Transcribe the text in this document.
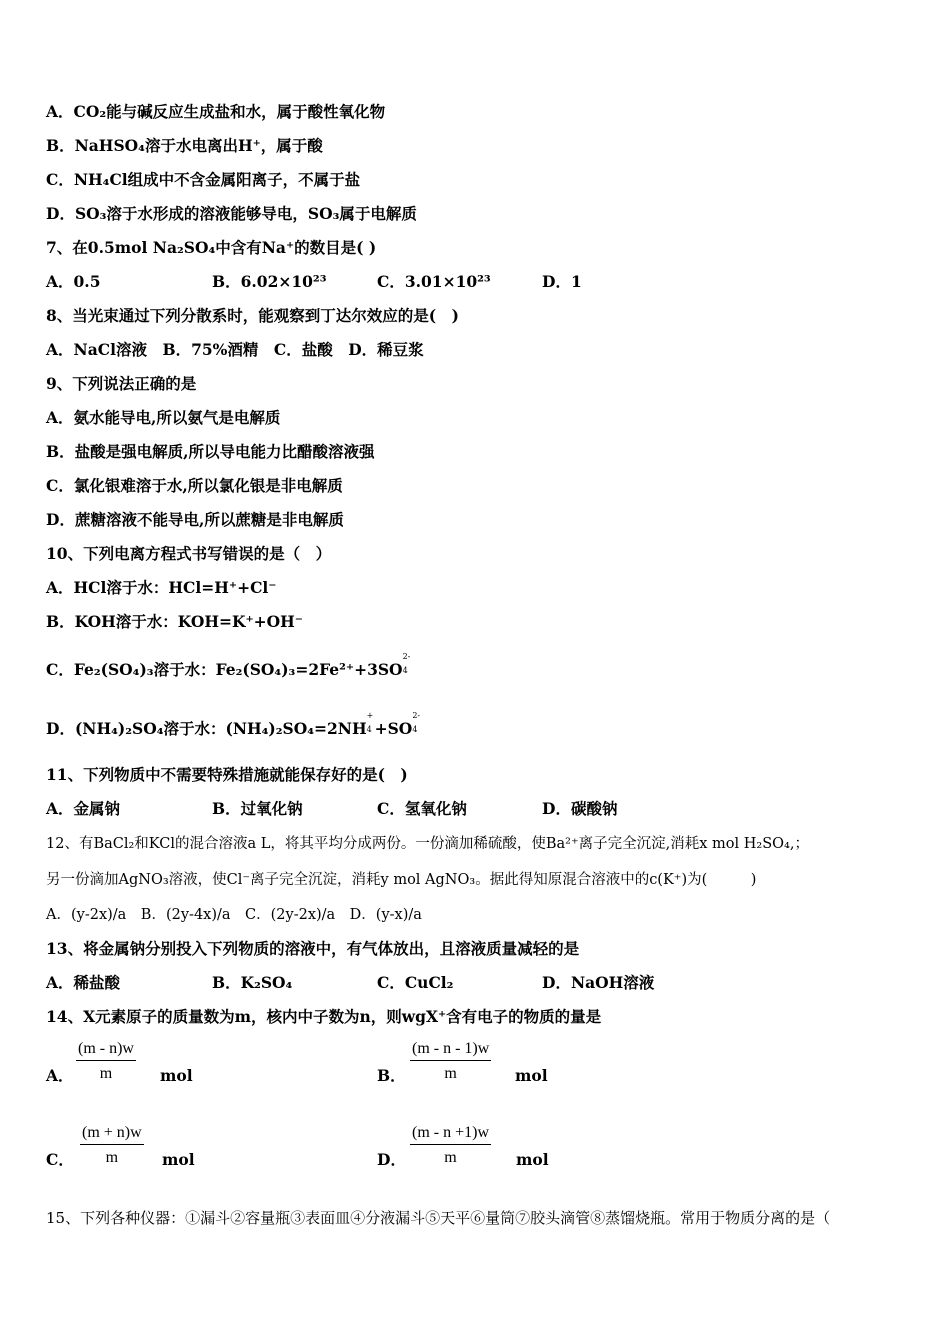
A．CO₂能与碱反应生成盐和水，属于酸性氧化物
B．NaHSO₄溶于水电离出H⁺，属于酸
C．NH₄Cl组成中不含金属阳离子，不属于盐
D．SO₃溶于水形成的溶液能够导电，SO₃属于电解质
7、在0.5mol Na₂SO₄中含有Na⁺的数目是( )
A．0.5	B．6.02×10²³	C．3.01×10²³	D．1
8、当光束通过下列分散系时，能观察到丁达尔效应的是(　)
A．NaCl溶液　B．75%酒精　C．盐酸　D．稀豆浆
9、下列说法正确的是
A．氨水能导电,所以氨气是电解质
B．盐酸是强电解质,所以导电能力比醋酸溶液强
C．氯化银难溶于水,所以氯化银是非电解质
D．蔗糖溶液不能导电,所以蔗糖是非电解质
10、下列电离方程式书写错误的是（　）
A．HCl溶于水：HCl=H⁺+Cl⁻
B．KOH溶于水：KOH=K⁺+OH⁻
C．Fe₂(SO₄)₃溶于水：Fe₂(SO₄)₃=2Fe²⁺+3SO
2-
4
D．(NH₄)₂SO₄溶于水：(NH₄)₂SO₄=2NH
+
4 +SO
2-
4
11、下列物质中不需要特殊措施就能保存好的是(　)
A．金属钠	B．过氧化钠	C．氢氧化钠	D．碳酸钠
12、有BaCl₂和KCl的混合溶液a L，将其平均分成两份。一份滴加稀硫酸，使Ba²⁺离子完全沉淀,消耗x mol H₂SO₄,；
另一份滴加AgNO₃溶液，使Cl⁻离子完全沉淀，消耗y mol AgNO₃。据此得知原混合溶液中的c(K⁺)为(　　　)
A．(y-2x)/a　B．(2y-4x)/a　C．(2y-2x)/a　D．(y-x)/a
13、将金属钠分别投入下列物质的溶液中，有气体放出，且溶液质量减轻的是
A．稀盐酸	B．K₂SO₄	C．CuCl₂	D．NaOH溶液
14、X元素原子的质量数为m，核内中子数为n，则wgX⁺含有电子的物质的量是
A． $\frac{(m - n)w}{m}$ mol	B． $\frac{(m - n - 1)w}{m}$ mol
C． $\frac{(m + n)w}{m}$ mol	D． $\frac{(m - n +1)w}{m}$ mol
15、下列各种仪器：①漏斗②容量瓶③表面皿④分液漏斗⑤天平⑥量筒⑦胶头滴管⑧蒸馏烧瓶。常用于物质分离的是（
